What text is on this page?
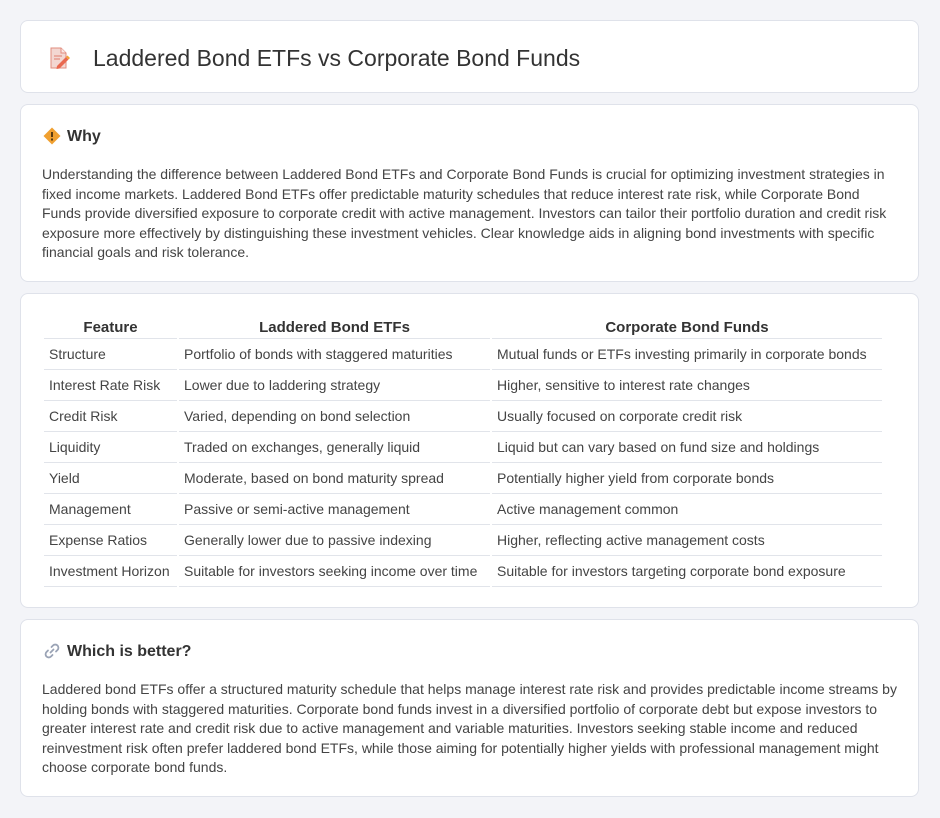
Laddered Bond ETFs vs Corporate Bond Funds
Why

Understanding the difference between Laddered Bond ETFs and Corporate Bond Funds is crucial for optimizing investment strategies in fixed income markets. Laddered Bond ETFs offer predictable maturity schedules that reduce interest rate risk, while Corporate Bond Funds provide diversified exposure to corporate credit with active management. Investors can tailor their portfolio duration and credit risk exposure more effectively by distinguishing these investment vehicles. Clear knowledge aids in aligning bond investments with specific financial goals and risk tolerance.

Feature	Laddered Bond ETFs	Corporate Bond Funds
Structure	Portfolio of bonds with staggered maturities	Mutual funds or ETFs investing primarily in corporate bonds
Interest Rate Risk	Lower due to laddering strategy	Higher, sensitive to interest rate changes
Credit Risk	Varied, depending on bond selection	Usually focused on corporate credit risk
Liquidity	Traded on exchanges, generally liquid	Liquid but can vary based on fund size and holdings
Yield	Moderate, based on bond maturity spread	Potentially higher yield from corporate bonds
Management	Passive or semi-active management	Active management common
Expense Ratios	Generally lower due to passive indexing	Higher, reflecting active management costs
Investment Horizon	Suitable for investors seeking income over time	Suitable for investors targeting corporate bond exposure
Which is better?

Laddered bond ETFs offer a structured maturity schedule that helps manage interest rate risk and provides predictable income streams by holding bonds with staggered maturities. Corporate bond funds invest in a diversified portfolio of corporate debt but expose investors to greater interest rate and credit risk due to active management and variable maturities. Investors seeking stable income and reduced reinvestment risk often prefer laddered bond ETFs, while those aiming for potentially higher yields with professional management might choose corporate bond funds.
